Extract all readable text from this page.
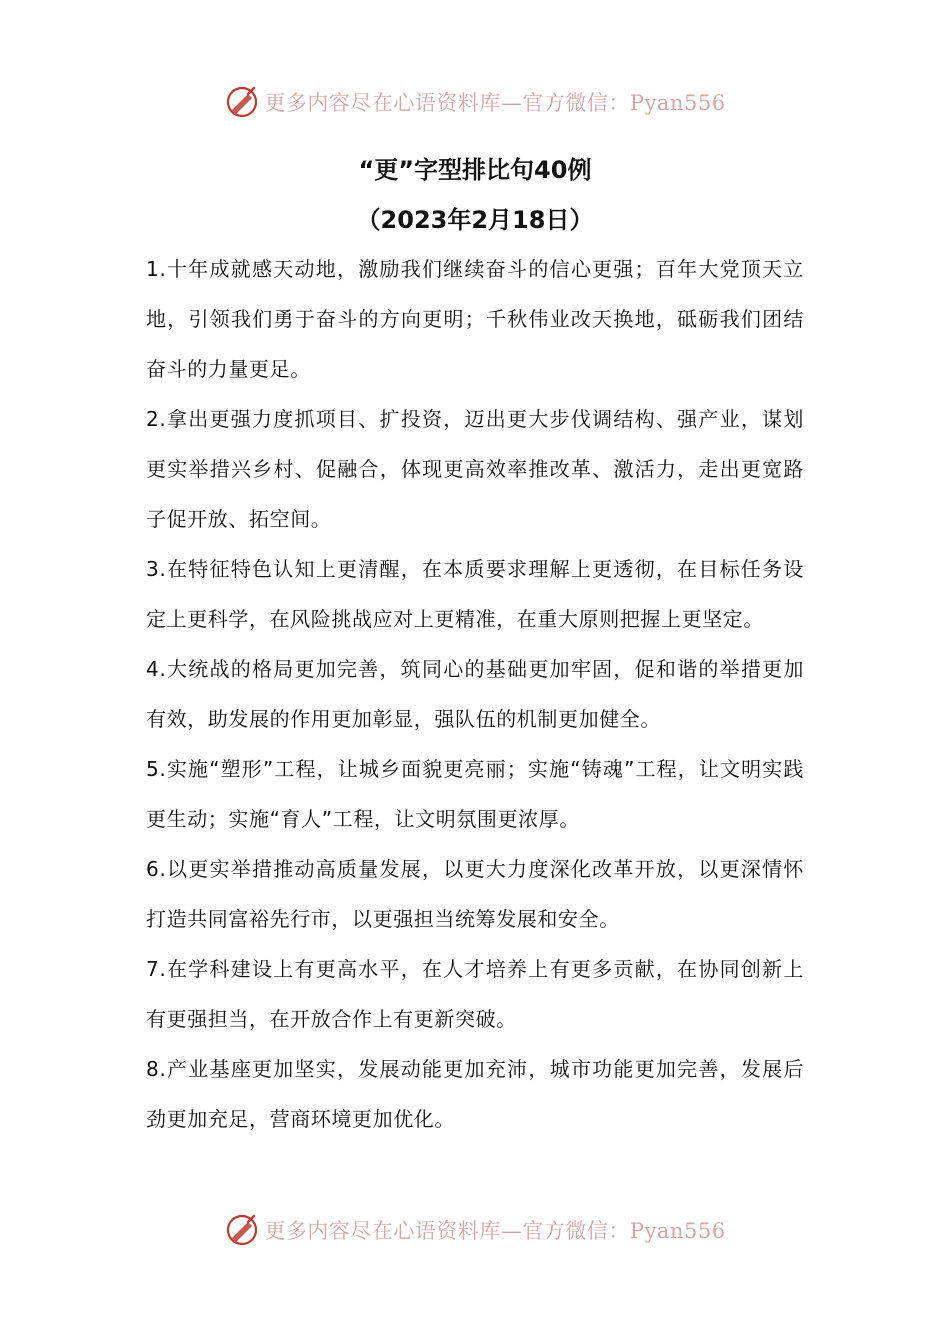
更多内容尽在心语资料库—官方微信：Pyan556
“更”字型排比句40例
（2023年2月18日）

1.十年成就感天动地，激励我们继续奋斗的信心更强；百年大党顶天立地，引领我们勇于奋斗的方向更明；千秋伟业改天换地，砥砺我们团结奋斗的力量更足。

2.拿出更强力度抓项目、扩投资，迈出更大步伐调结构、强产业，谋划更实举措兴乡村、促融合，体现更高效率推改革、激活力，走出更宽路子促开放、拓空间。

3.在特征特色认知上更清醒，在本质要求理解上更透彻，在目标任务设定上更科学，在风险挑战应对上更精准，在重大原则把握上更坚定。

4.大统战的格局更加完善，筑同心的基础更加牢固，促和谐的举措更加有效，助发展的作用更加彰显，强队伍的机制更加健全。

5.实施“塑形”工程，让城乡面貌更亮丽；实施“铸魂”工程，让文明实践更生动；实施“育人”工程，让文明氛围更浓厚。

6.以更实举措推动高质量发展，以更大力度深化改革开放，以更深情怀打造共同富裕先行市，以更强担当统筹发展和安全。

7.在学科建设上有更高水平，在人才培养上有更多贡献，在协同创新上有更强担当，在开放合作上有更新突破。

8.产业基座更加坚实，发展动能更加充沛，城市功能更加完善，发展后劲更加充足，营商环境更加优化。

更多内容尽在心语资料库—官方微信：Pyan556
